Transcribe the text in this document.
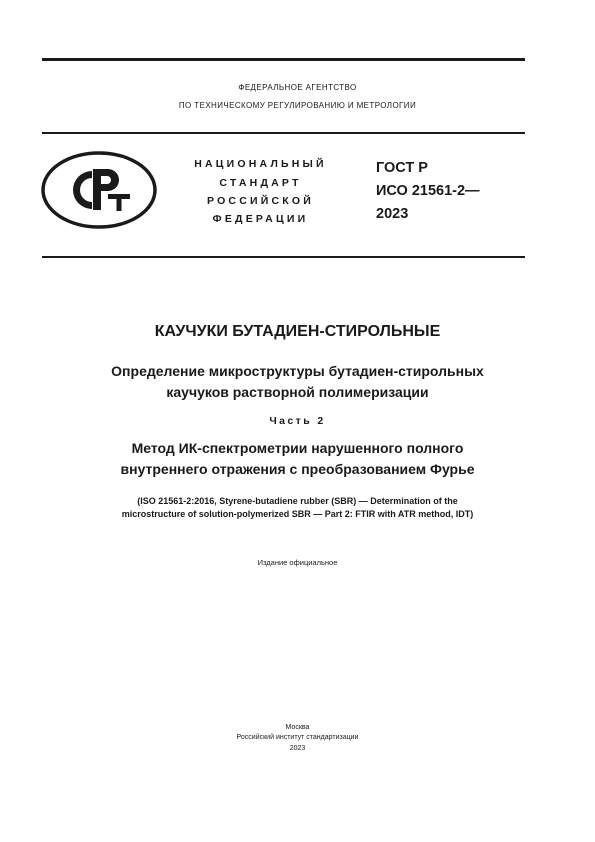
ФЕДЕРАЛЬНОЕ АГЕНТСТВО
ПО ТЕХНИЧЕСКОМУ РЕГУЛИРОВАНИЮ И МЕТРОЛОГИИ
НАЦИОНАЛЬНЫЙ
СТАНДАРТ
РОССИЙСКОЙ
ФЕДЕРАЦИИ
ГОСТ Р
ИСО 21561-2—
2023
КАУЧУКИ БУТАДИЕН-СТИРОЛЬНЫЕ
Определение микроструктуры бутадиен-стирольных
каучуков растворной полимеризации
Часть 2
Метод ИК-спектрометрии нарушенного полного
внутреннего отражения с преобразованием Фурье
(ISO 21561-2:2016, Styrene-butadiene rubber (SBR) — Determination of the
microstructure of solution-polymerized SBR — Part 2: FTIR with ATR method, IDT)
Издание официальное
Москва
Российский институт стандартизации
2023
